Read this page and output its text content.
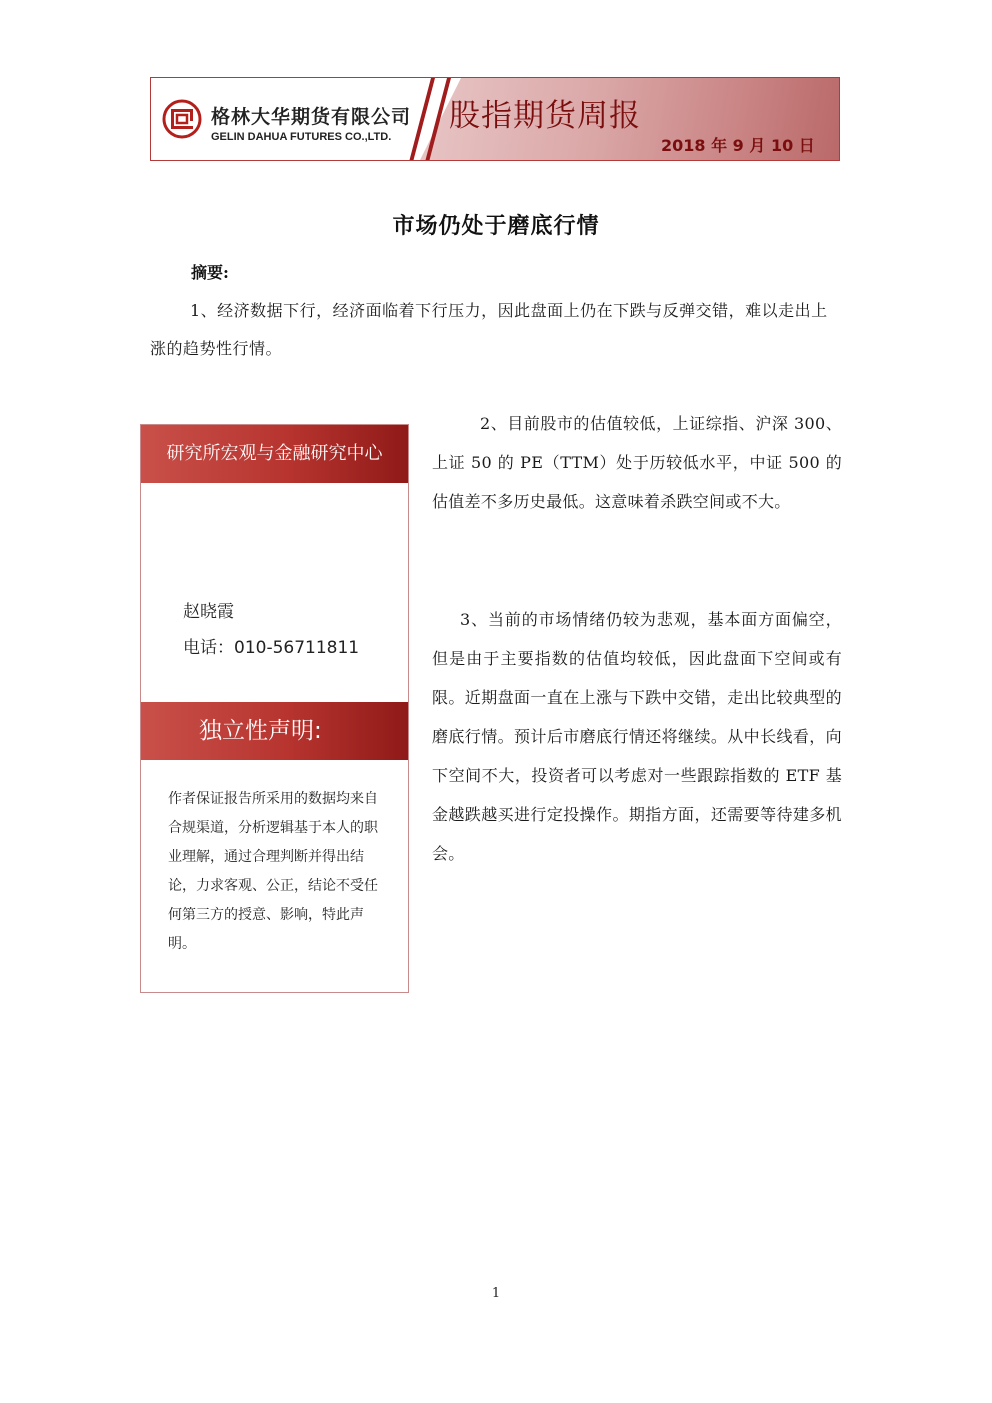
格林大华期货有限公司
GELIN DAHUA FUTURES CO.,LTD.
股指期货周报
2018 年 9 月 10 日
市场仍处于磨底行情
摘要:
1、经济数据下行，经济面临着下行压力，因此盘面上仍在下跌与反弹交错，难以走出上涨的趋势性行情。
研究所宏观与金融研究中心
赵晓霞
电话：010-56711811
独立性声明:
作者保证报告所采用的数据均来自合规渠道，分析逻辑基于本人的职业理解，通过合理判断并得出结论，力求客观、公正，结论不受任何第三方的授意、影响，特此声明。
2、目前股市的估值较低，上证综指、沪深 300、上证 50 的 PE（TTM）处于历较低水平，中证 500 的估值差不多历史最低。这意味着杀跌空间或不大。
3、当前的市场情绪仍较为悲观，基本面方面偏空，但是由于主要指数的估值均较低，因此盘面下空间或有限。近期盘面一直在上涨与下跌中交错，走出比较典型的磨底行情。预计后市磨底行情还将继续。从中长线看，向下空间不大，投资者可以考虑对一些跟踪指数的 ETF 基金越跌越买进行定投操作。期指方面，还需要等待建多机会。
1
